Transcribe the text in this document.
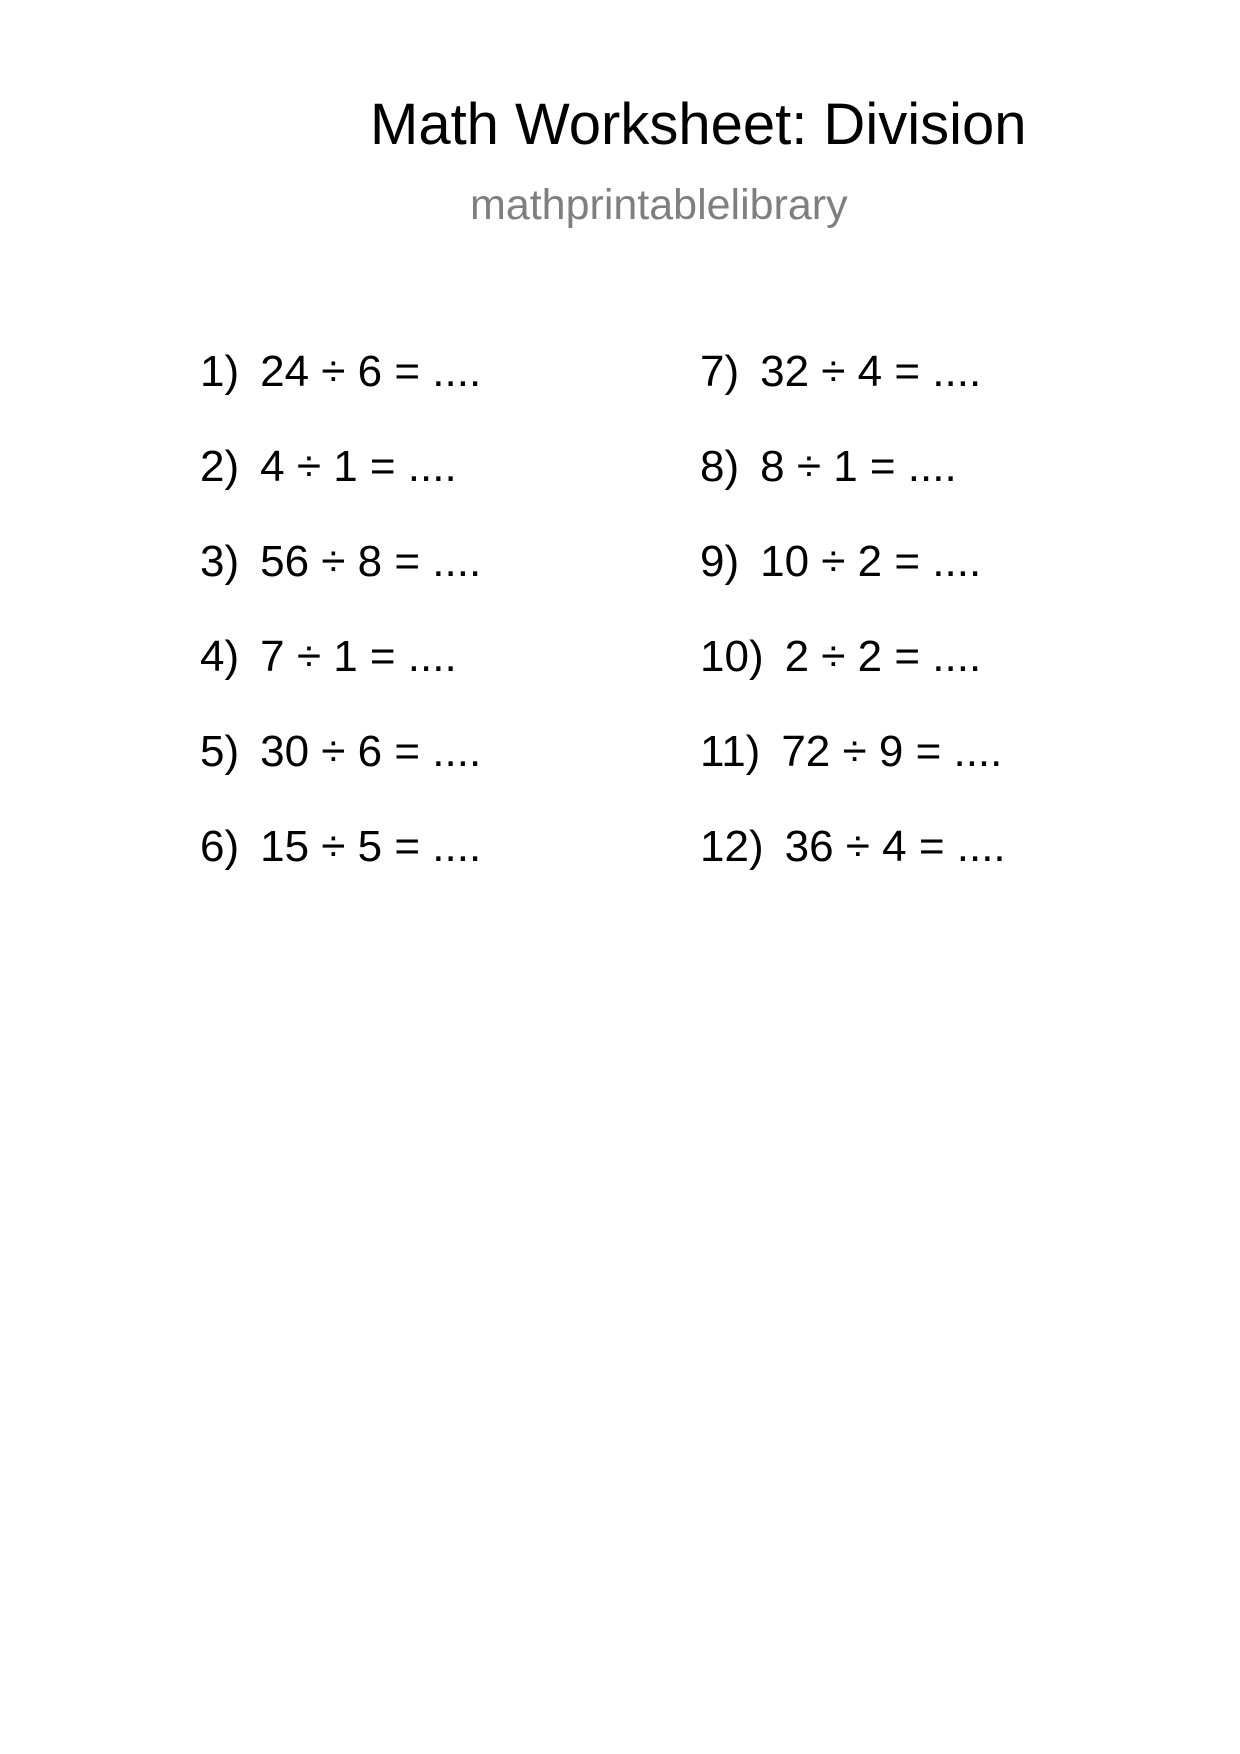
Math Worksheet: Division
mathprintablelibrary
1) 24 ÷ 6 = ....
2) 4 ÷ 1 = ....
3) 56 ÷ 8 = ....
4) 7 ÷ 1 = ....
5) 30 ÷ 6 = ....
6) 15 ÷ 5 = ....
7) 32 ÷ 4 = ....
8) 8 ÷ 1 = ....
9) 10 ÷ 2 = ....
10) 2 ÷ 2 = ....
11) 72 ÷ 9 = ....
12) 36 ÷ 4 = ....
